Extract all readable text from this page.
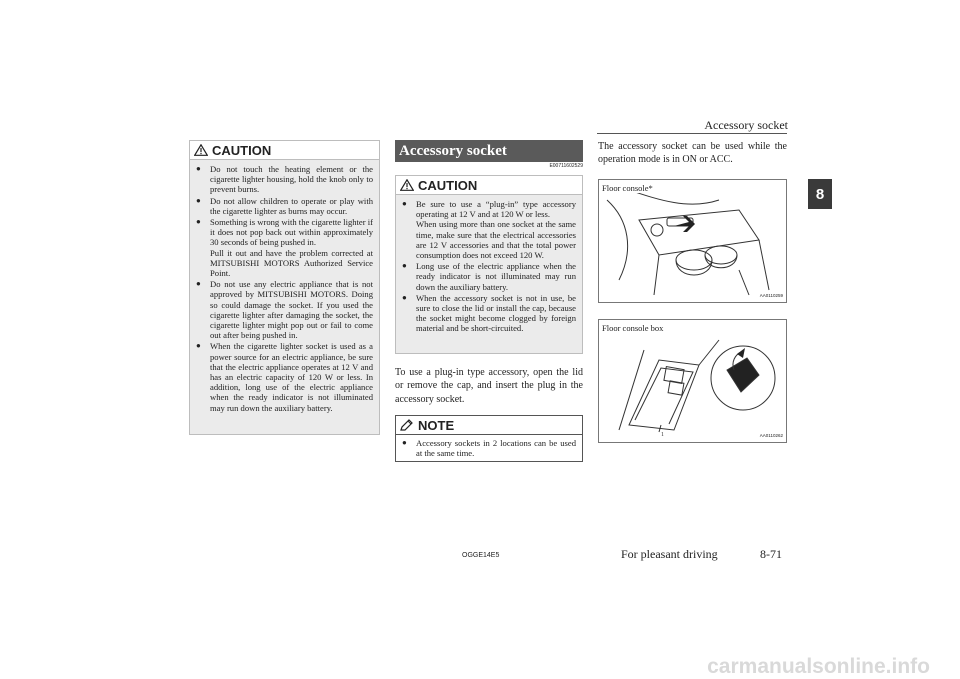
Accessory socket
8
CAUTION
● Do not touch the heating element or the cigarette lighter housing, hold the knob only to prevent burns.
● Do not allow children to operate or play with the cigarette lighter as burns may occur.
● Something is wrong with the cigarette lighter if it does not pop back out within approximately 30 seconds of being pushed in.
Pull it out and have the problem corrected at MITSUBISHI MOTORS Authorized Service Point.
● Do not use any electric appliance that is not approved by MITSUBISHI MOTORS. Doing so could damage the socket. If you used the cigarette lighter after damaging the socket, the cigarette lighter might pop out or fail to come out after being pushed in.
● When the cigarette lighter socket is used as a power source for an electric appliance, be sure that the electric appliance operates at 12 V and has an electric capacity of 120 W or less. In addition, long use of the electric appliance when the ready indicator is not illuminated may run down the auxiliary battery.
Accessory socket
E00711602529
CAUTION
● Be sure to use a “plug-in” type accessory operating at 12 V and at 120 W or less.
When using more than one socket at the same time, make sure that the electrical accessories are 12 V accessories and that the total power consumption does not exceed 120 W.
● Long use of the electric appliance when the ready indicator is not illuminated may run down the auxiliary battery.
● When the accessory socket is not in use, be sure to close the lid or install the cap, because the socket might become clogged by foreign material and be short-circuited.
To use a plug-in type accessory, open the lid or remove the cap, and insert the plug in the accessory socket.
NOTE
● Accessory sockets in 2 locations can be used at the same time.
The accessory socket can be used while the operation mode is in ON or ACC.
Floor console*
AA0110259
1
Floor console box
AA0110262
OGGE14E5	For pleasant driving	8-71
carmanualsonline.info
